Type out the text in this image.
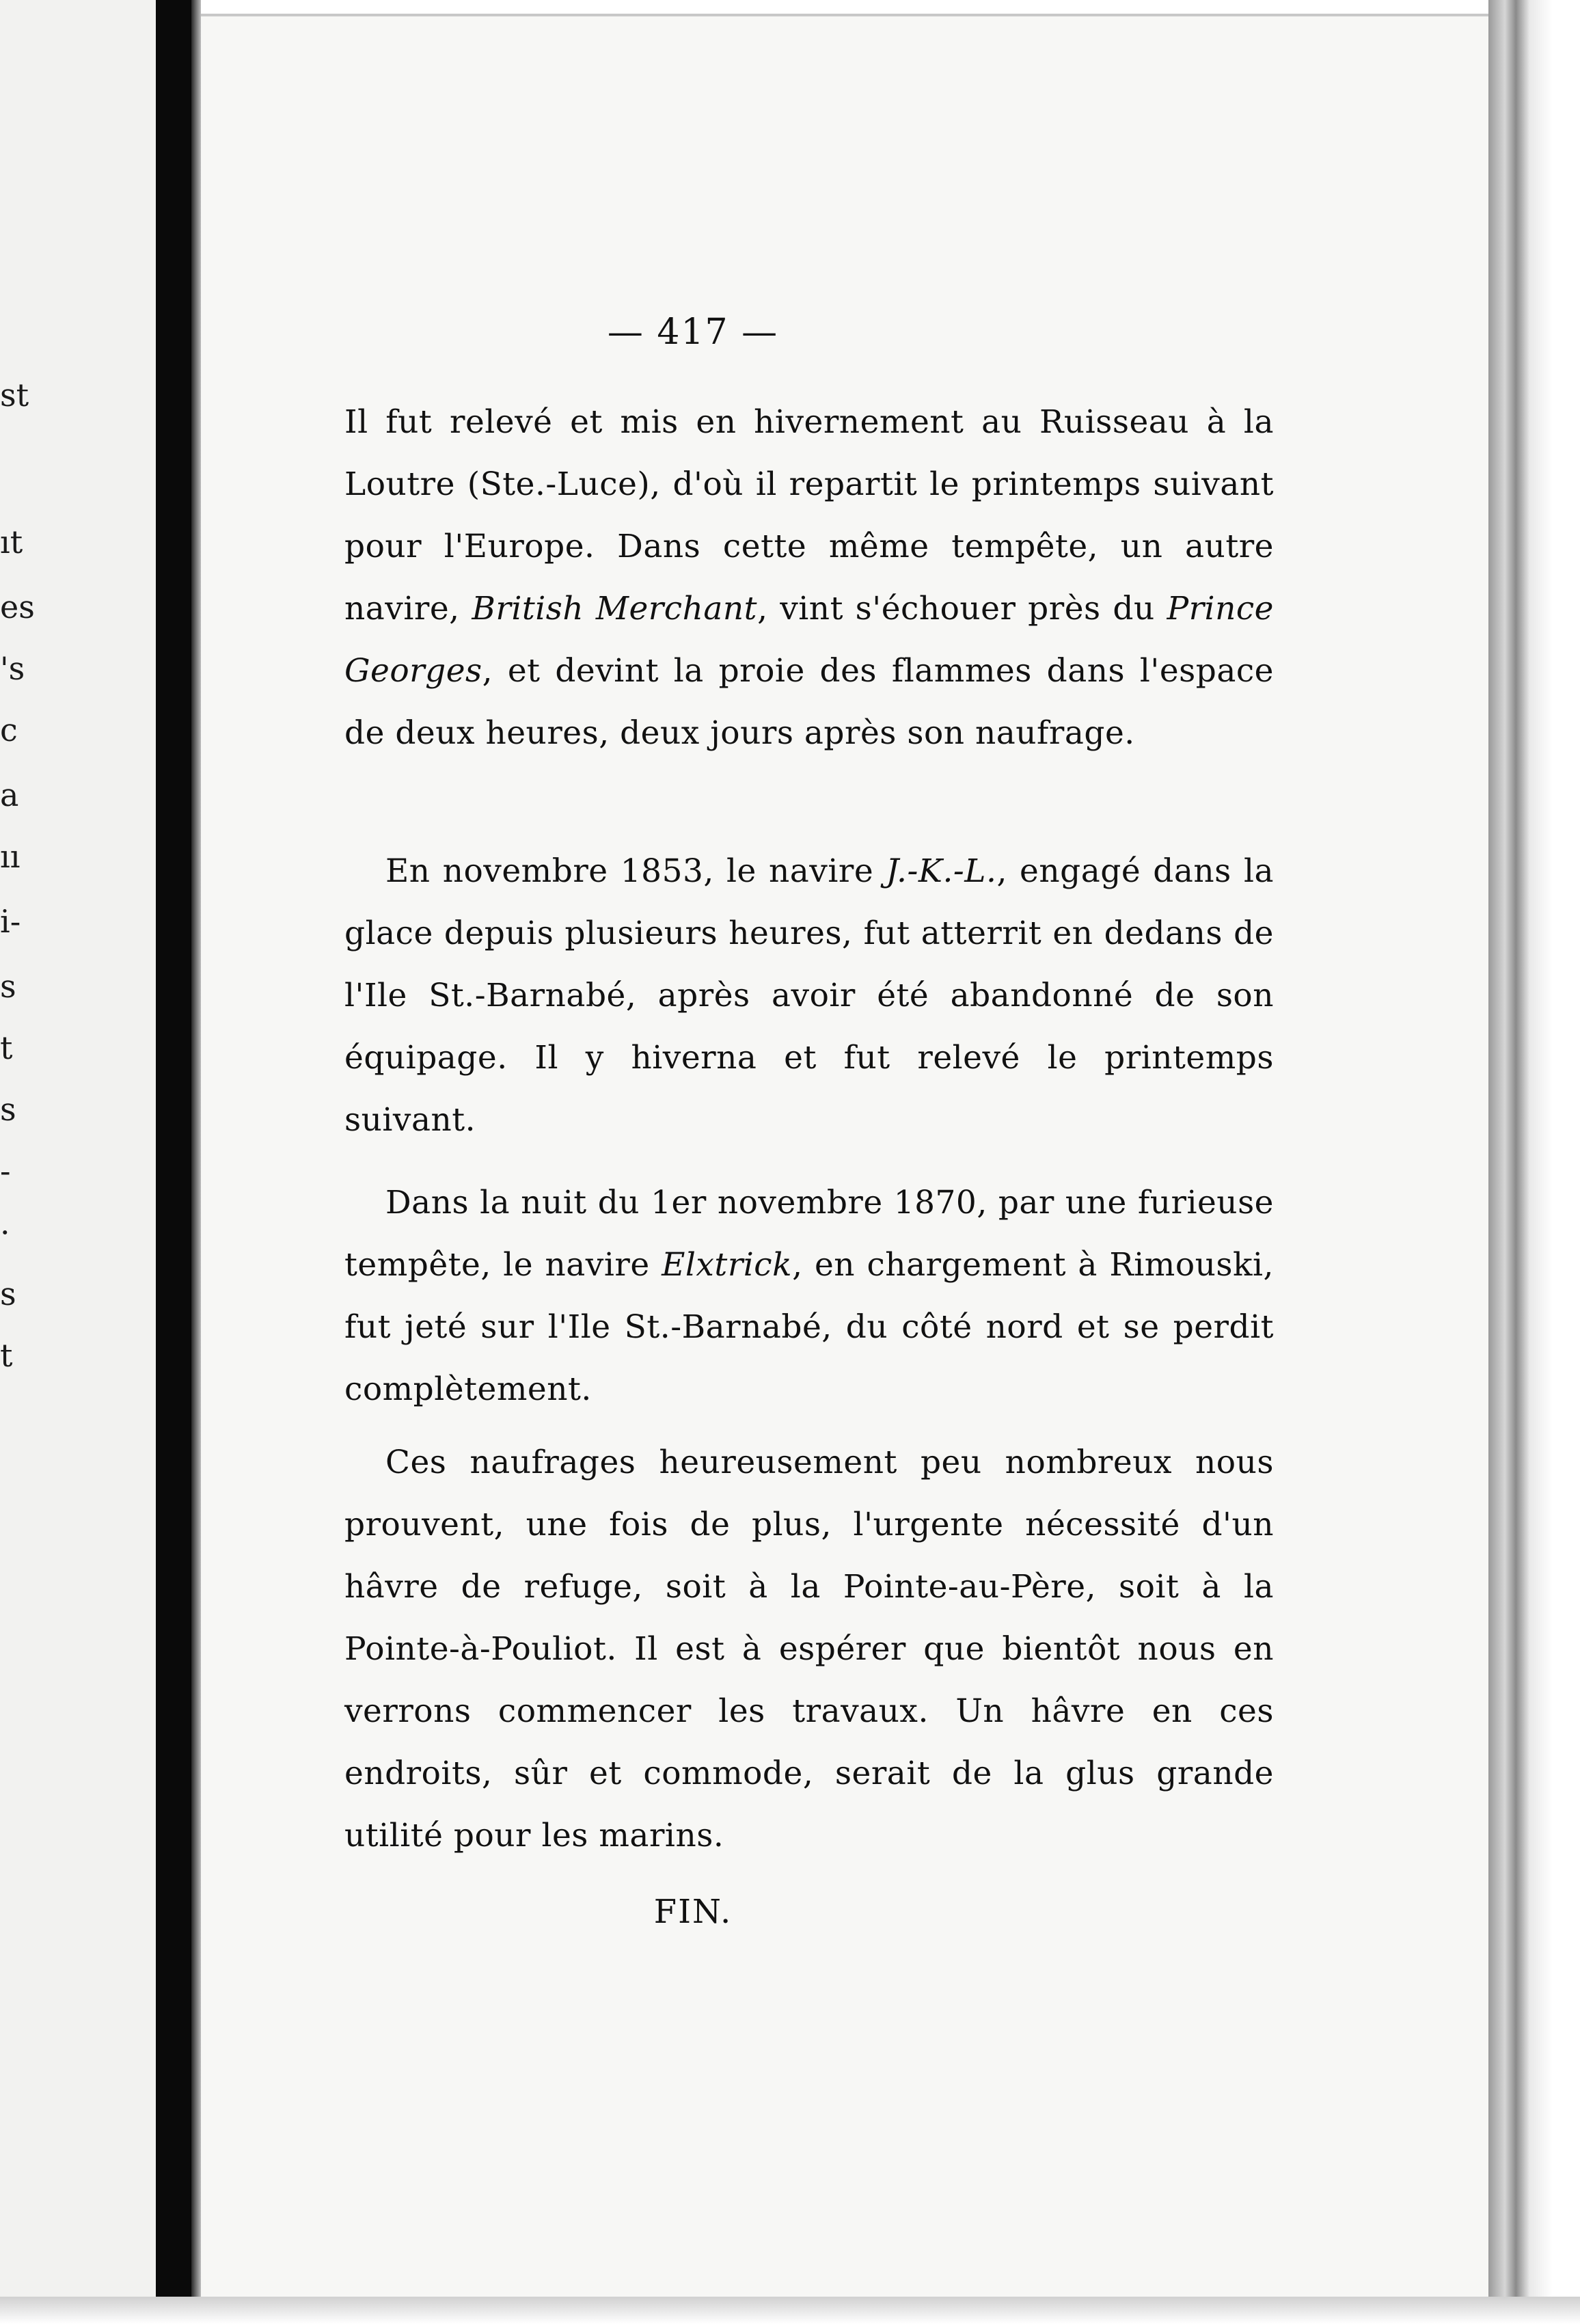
st
ıt
es
's
c
a
ıı
i-
s
t
s
-
·
s
t
— 417 —

Il fut relevé et mis en hivernement au Ruisseau à la Loutre (Ste.-Luce), d'où il repartit le printemps suivant pour l'Europe. Dans cette même tempête, un autre navire, British Merchant, vint s'échouer près du Prince Georges, et devint la proie des flammes dans l'espace de deux heures, deux jours après son naufrage.

En novembre 1853, le navire J.-K.-L., engagé dans la glace depuis plusieurs heures, fut atterrit en dedans de l'Ile St.-Barnabé, après avoir été abandonné de son équipage. Il y hiverna et fut relevé le printemps suivant.

Dans la nuit du 1er novembre 1870, par une furieuse tempête, le navire Elxtrick, en chargement à Rimouski, fut jeté sur l'Ile St.-Barnabé, du côté nord et se perdit complètement.

Ces naufrages heureusement peu nombreux nous prouvent, une fois de plus, l'urgente nécessité d'un hâvre de refuge, soit à la Pointe-au-Père, soit à la Pointe-à-Pouliot. Il est à espérer que bientôt nous en verrons commencer les travaux. Un hâvre en ces endroits, sûr et commode, serait de la glus grande utilité pour les marins.

FIN.
